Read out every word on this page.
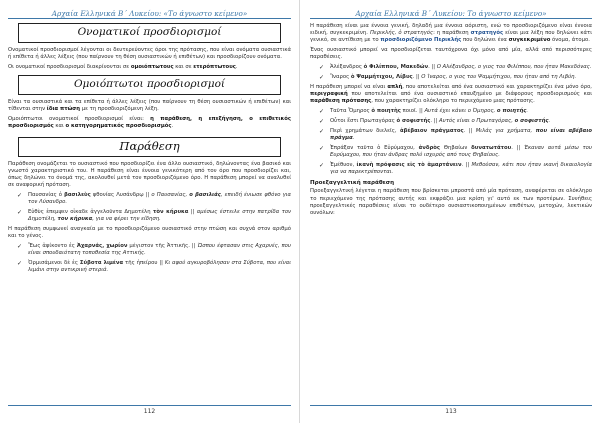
Αρχαία Ελληνικά Β΄ Λυκείου: «Το άγνωστο κείμενο»
Ονοματικοί προσδιορισμοί
Ονοματικοί προσδιορισμοί λέγονται οι δευτερεύοντες όροι της πρότασης, που είναι ονόματα ουσιαστικά ή επίθετα ή άλλες λέξεις (που παίρνουν τη θέση ουσιαστικών ή επιθέτων) και προσδιορίζουν ονόματα.
Οι ονοματικοί προσδιορισμοί διακρίνονται σε ομοιόπτωτους και σε ετερόπτωτους.
Ομοιόπτωτοι προσδιορισμοί
Είναι τα ουσιαστικά και τα επίθετα ή άλλες λέξεις (που παίρνουν τη θέση ουσιαστικών ή επιθέτων) και τίθενται στην ίδια πτώση με τη προσδιοριζόμενη λέξη.
Ομοιόπτωτοι ονοματικοί προσδιορισμοί είναι: η παράθεση, η επεξήγηση, ο επιθετικός προσδιορισμός και ο κατηγορηματικός προσδιορισμός.
Παράθεση
Παράθεση ονομάζεται το ουσιαστικό που προσδιορίζει ένα άλλο ουσιαστικό, δηλώνοντας ένα βασικό και γνωστό χαρακτηριστικό του. Η παράθεση είναι έννοια γενικότερη από τον όρο που προσδιορίζει και, όπως δηλώνει το όνομά της, ακολουθεί μετά τον προσδιοριζόμενο όρο. Η παράθεση μπορεί να αναλυθεί σε αναφορική πρόταση.
✓ Παυσανίας ὁ βασιλεὺς φθονίας Λυσάνδρῳ || ο Παυσανίας, ο βασιλιάς, επειδή ένιωσε φθόνο για τον Λύσανδρο.
✓ Εὐθὺς ἐπεμψεν οἰκαδε ἀγγελοῦντα Δημοτέλη τὸν κήρυκα || αμέσως έστειλε στην πατρίδα τον Δημοτέλη, τον κήρυκα, για να φέρει την είδηση.
Η παράθεση συμφωνεί αναγκαία με το προσδιοριζόμενο ουσιαστικό στην πτώση και συχνά στον αριθμό και το γένος.
✓ Ἕως ἀφίκοντο ἐς Ἀχαρνάς, χωρίον μέγιστον τῆς Ἀττικῆς. || Ώσπου έφτασαν στις Αχαρνές, που είναι σπουδαιότατη τοποθεσία της Αττικής.
✓ Ὁρμισάμενοι δὲ ἐς Σύβοτα λιμένα τῆς ἠπείρου || Κι αφού αγκυροβόλησαν στα Σύβοτα, που είναι λιμάνι στην αντικρινή στεριά.
112
Αρχαία Ελληνικά Β΄ Λυκείου: Το άγνωστο κείμενο»
Η παράθεση είναι μια έννοια γενική, δηλαδή μια έννοια αόριστη, ενώ το προσδιοριζόμενο είναι έννοια ειδική, συγκεκριμένη. Περικλής, ὁ στρατηγός: η παράθεση στρατηγός είναι μια λέξη που δηλώνει κάτι γενικό, σε αντίθεση με το προσδιοριζόμενο Περικλής που δηλώνει ένα συγκεκριμένο όνομα, άτομο.
Ένας ουσιαστικό μπορεί να προσδιορίζεται ταυτόχρονα όχι μόνο από μία, αλλά από περισσότερες παραθέσεις.
✓ Ἀλέξανδρος ὁ Φιλίππου, Μακεδών. || Ο Αλέξανδρος, ο γιος του Φιλίππου, που ήταν Μακεδόνας.
✓ Ἴναρος ὁ Ψαμμήτιχου, Λίβυς. || Ο Ίναρος, ο γιος του Ψαμμήτιχου, που ήταν από τη Λιβύη.
Η παράθεση μπορεί να είναι απλή, που αποτελείται από ένα ουσιαστικό και χαρακτηρίζει ένα μόνο όρο, περιγραφική που αποτελείται από ένα ουσιαστικό επαυξημένο με διάφορους προσδιορισμούς και παράθεση πρότασης, που χαρακτηρίζει ολόκληρο το περιεχόμενο μιας πρότασης.
✓ Ταῦτα Ὅμηρος ὁ ποιητὴς ποιοῖ. || Αυτά έχει κάνει ο Όμηρος, ο ποιητής.
✓ Οὗτοι ἔστι Πρωταγόρας ὁ σοφιστής. || Αυτός είναι ο Πρωταγόρας, ο σοφιστής.
✓ Περὶ χρημάτων διελεῖς, ἀβέβαιον πράγματος. || Μιλάς για χρήματα, που είναι αβέβαιο πράγμα.
✓ Ἐπράξαν ταῦτα ὁ Εὐρύμαχου, ἀνδρὸς Θηβαίων δυνατωτάτου. || Έκαναν αυτά μέσω του Ευρύμαχου, που ήταν άνδρας πολύ ισχυρός από τους Θηβαίους.
✓ Ἐμέθυον, ἱκανὴ πρόφασις εἰς τὸ ἁμαρτάνειν. || Μεθούσαν, κάτι που ήταν ικανή δικαιολογία για να παρεκτρέπονται.
Προεξαγγελτική παράθεση
Προεξαγγελτική λέγεται η παράθεση που βρίσκεται μπροστά από μία πρόταση, αναφέρεται σε ολόκληρο το περιεχόμενο της πρότασης αυτής και εκφράζει μια κρίση γι' αυτό εκ των προτέρων. Συνήθεις προεξαγγελτικές παραθέσεις είναι το ουδέτερο ουσιαστικοποιημένων επιθέτων, μετοχών, λεκτικών ουνόλων:
113
